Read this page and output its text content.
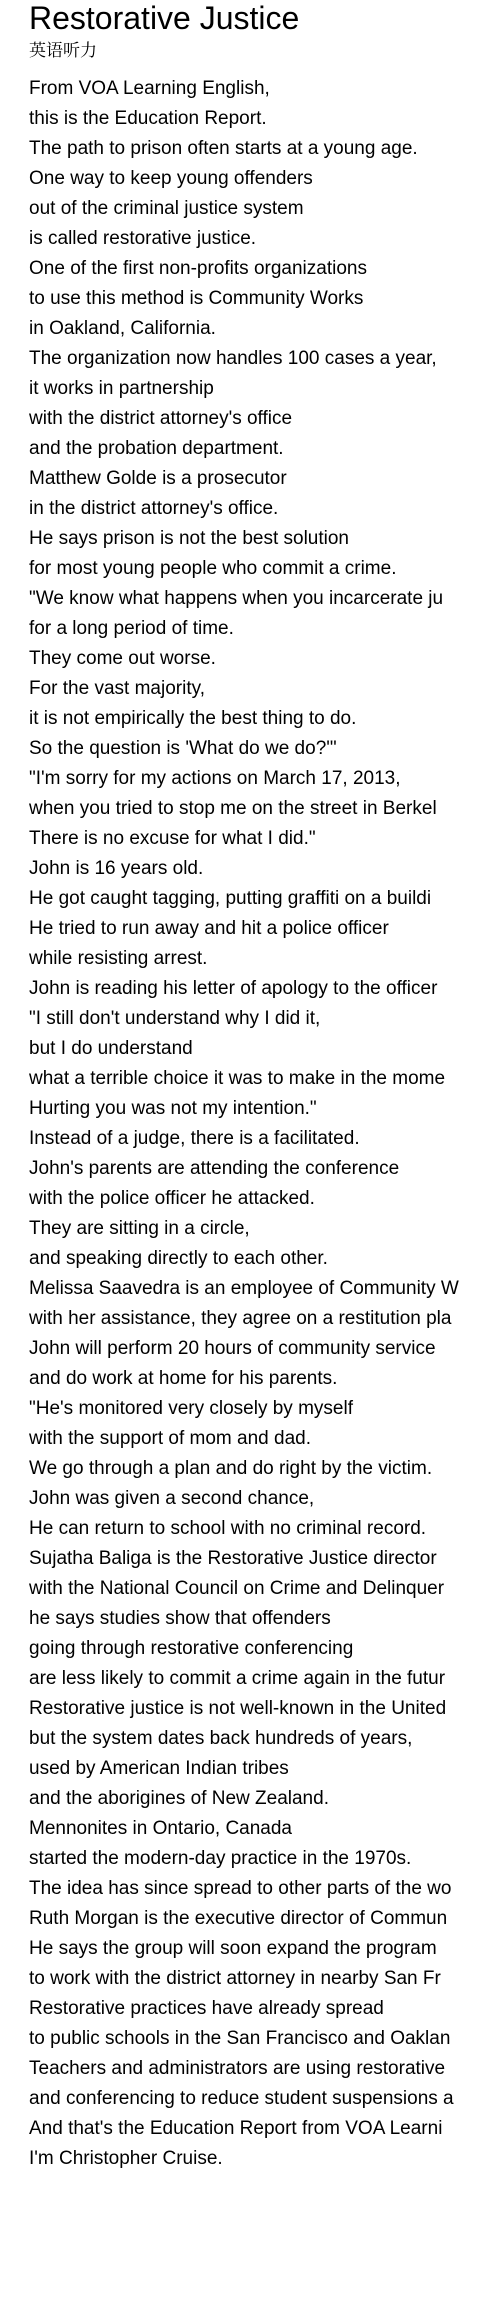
Restorative Justice
英语听力
From VOA Learning English,
this is the Education Report.
The path to prison often starts at a young age.
One way to keep young offenders
out of the criminal justice system
is called restorative justice.
One of the first non-profits organizations
to use this method is Community Works
in Oakland, California.
The organization now handles 100 cases a year,
it works in partnership
with the district attorney's office
and the probation department.
Matthew Golde is a prosecutor
in the district attorney's office.
He says prison is not the best solution
for most young people who commit a crime.
"We know what happens when you incarcerate ju
for a long period of time.
They come out worse.
For the vast majority,
it is not empirically the best thing to do.
So the question is 'What do we do?'"
"I'm sorry for my actions on March 17, 2013,
when you tried to stop me on the street in Berkel
There is no excuse for what I did."
John is 16 years old.
He got caught tagging, putting graffiti on a buildi
He tried to run away and hit a police officer
while resisting arrest.
John is reading his letter of apology to the officer
"I still don't understand why I did it,
but I do understand
what a terrible choice it was to make in the mome
Hurting you was not my intention."
Instead of a judge, there is a facilitated.
John's parents are attending the conference
with the police officer he attacked.
They are sitting in a circle,
and speaking directly to each other.
Melissa Saavedra is an employee of Community W
with her assistance, they agree on a restitution pla
John will perform 20 hours of community service
and do work at home for his parents.
"He's monitored very closely by myself
with the support of mom and dad.
We go through a plan and do right by the victim.
John was given a second chance,
He can return to school with no criminal record.
Sujatha Baliga is the Restorative Justice director
with the National Council on Crime and Delinquer
he says studies show that offenders
going through restorative conferencing
are less likely to commit a crime again in the futur
Restorative justice is not well-known in the United
but the system dates back hundreds of years,
used by American Indian tribes
and the aborigines of New Zealand.
Mennonites in Ontario, Canada
started the modern-day practice in the 1970s.
The idea has since spread to other parts of the wo
Ruth Morgan is the executive director of Commun
He says the group will soon expand the program
to work with the district attorney in nearby San Fr
Restorative practices have already spread
to public schools in the San Francisco and Oaklan
Teachers and administrators are using restorative
and conferencing to reduce student suspensions a
And that's the Education Report from VOA Learni
I'm Christopher Cruise.
